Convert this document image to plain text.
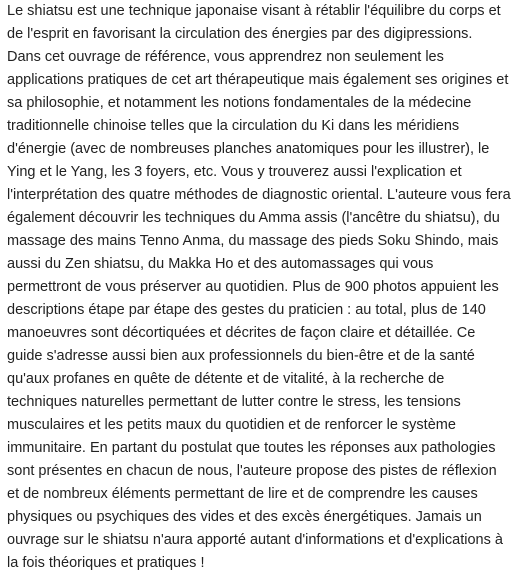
Le shiatsu est une technique japonaise visant à rétablir l'équilibre du corps et
de l'esprit en favorisant la circulation des énergies par des digipressions.
Dans cet ouvrage de référence, vous apprendrez non seulement les
applications pratiques de cet art thérapeutique mais également ses origines et
sa philosophie, et notamment les notions fondamentales de la médecine
traditionnelle chinoise telles que la circulation du Ki dans les méridiens
d'énergie (avec de nombreuses planches anatomiques pour les illustrer), le
Ying et le Yang, les 3 foyers, etc. Vous y trouverez aussi l'explication et
l'interprétation des quatre méthodes de diagnostic oriental. L'auteure vous fera
également découvrir les techniques du Amma assis (l'ancêtre du shiatsu), du
massage des mains Tenno Anma, du massage des pieds Soku Shindo, mais
aussi du Zen shiatsu, du Makka Ho et des automassages qui vous
permettront de vous préserver au quotidien. Plus de 900 photos appuient les
descriptions étape par étape des gestes du praticien : au total, plus de 140
manoeuvres sont décortiquées et décrites de façon claire et détaillée. Ce
guide s'adresse aussi bien aux professionnels du bien-être et de la santé
qu'aux profanes en quête de détente et de vitalité, à la recherche de
techniques naturelles permettant de lutter contre le stress, les tensions
musculaires et les petits maux du quotidien et de renforcer le système
immunitaire. En partant du postulat que toutes les réponses aux pathologies
sont présentes en chacun de nous, l'auteure propose des pistes de réflexion
et de nombreux éléments permettant de lire et de comprendre les causes
physiques ou psychiques des vides et des excès énergétiques. Jamais un
ouvrage sur le shiatsu n'aura apporté autant d'informations et d'explications à
la fois théoriques et pratiques !
